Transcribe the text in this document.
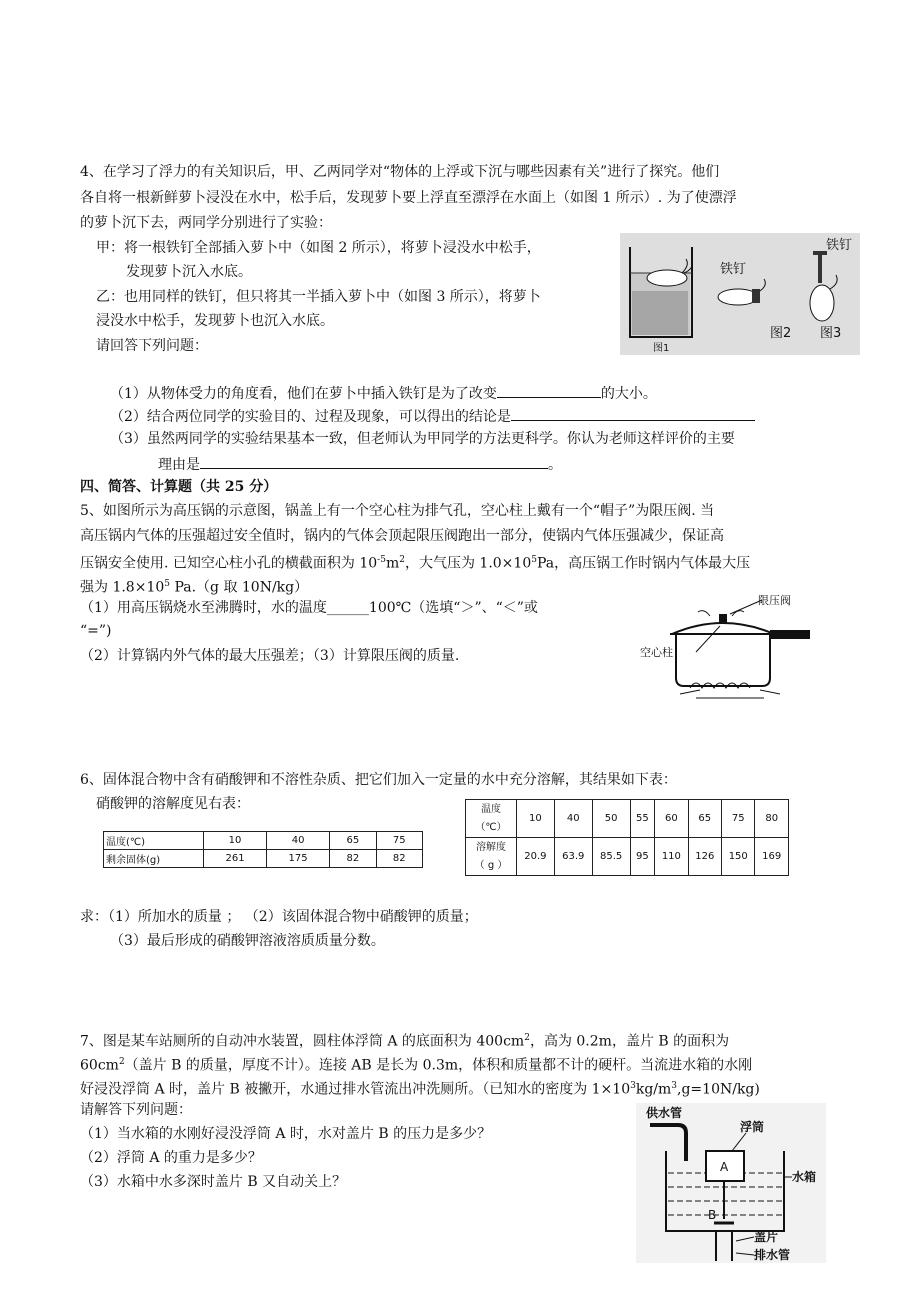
4、在学习了浮力的有关知识后，甲、乙两同学对“物体的上浮或下沉与哪些因素有关”进行了探究。他们
各自将一根新鲜萝卜浸没在水中，松手后，发现萝卜要上浮直至漂浮在水面上（如图 1 所示）. 为了使漂浮
的萝卜沉下去，两同学分别进行了实验：
甲：将一根铁钉全部插入萝卜中（如图 2 所示），将萝卜浸没水中松手，
发现萝卜沉入水底。
乙：也用同样的铁钉，但只将其一半插入萝卜中（如图 3 所示），将萝卜
浸没水中松手，发现萝卜也沉入水底。
请回答下列问题：	图1
图2 图3
铁钉
铁钉
（1）从物体受力的角度看，他们在萝卜中插入铁钉是为了改变	的大小。
（2）结合两位同学的实验目的、过程及现象，可以得出的结论是
（3）虽然两同学的实验结果基本一致，但老师认为甲同学的方法更科学。你认为老师这样评价的主要
理由是	。
四、简答、计算题（共 25 分）
5、如图所示为高压锅的示意图，锅盖上有一个空心柱为排气孔，空心柱上戴有一个“帽子”为限压阀. 当
高压锅内气体的压强超过安全值时，锅内的气体会顶起限压阀跑出一部分，使锅内气体压强减少，保证高
压锅安全使用. 已知空心柱小孔的横截面积为 $10^{-5}m^2$，大气压为 $1.0\times 10^5Pa$，高压锅工作时锅内气体最大压
强为 $1.8\times 10^5$ Pa.（g 取 10N/kg）
（1）用高压锅烧水至沸腾时，水的温度______100℃（选填“＞”、“＜”或
“=”)
（2）计算锅内外气体的最大压强差；（3）计算限压阀的质量.
限压阀
空心柱
6、固体混合物中含有硝酸钾和不溶性杂质、把它们加入一定量的水中充分溶解，其结果如下表：
硝酸钾的溶解度见右表：
温度(℃)	10	40	65	75
剩余固体(g)	261	175	82	82
温度
（℃）	10	40	50	55	60	65	75	80

溶解度
（ g ）	20.9	63.9	85.5	95	110	126	150	169
求：（1）所加水的质量 ； （2）该固体混合物中硝酸钾的质量；
（3）最后形成的硝酸钾溶液溶质质量分数。
7、图是某车站厕所的自动冲水装置，圆柱体浮筒 A 的底面积为 $400cm^2$，高为 0.2m，盖片 B 的面积为
$60cm^2$（盖片 B 的质量，厚度不计）。连接 AB 是长为 0.3m，体积和质量都不计的硬杆。当流进水箱的水刚
好浸没浮筒 A 时，盖片 B 被撇开，水通过排水管流出冲洗厕所。（已知水的密度为 $1\times 10^3kg/m^3,g=10N/kg$)
请解答下列问题：
（1）当水箱的水刚好浸没浮筒 A 时，水对盖片 B 的压力是多少？
（2）浮筒 A 的重力是多少？
（3）水箱中水多深时盖片 B 又自动关上？
供水管
浮筒
水箱
A
B
盖片
排水管
